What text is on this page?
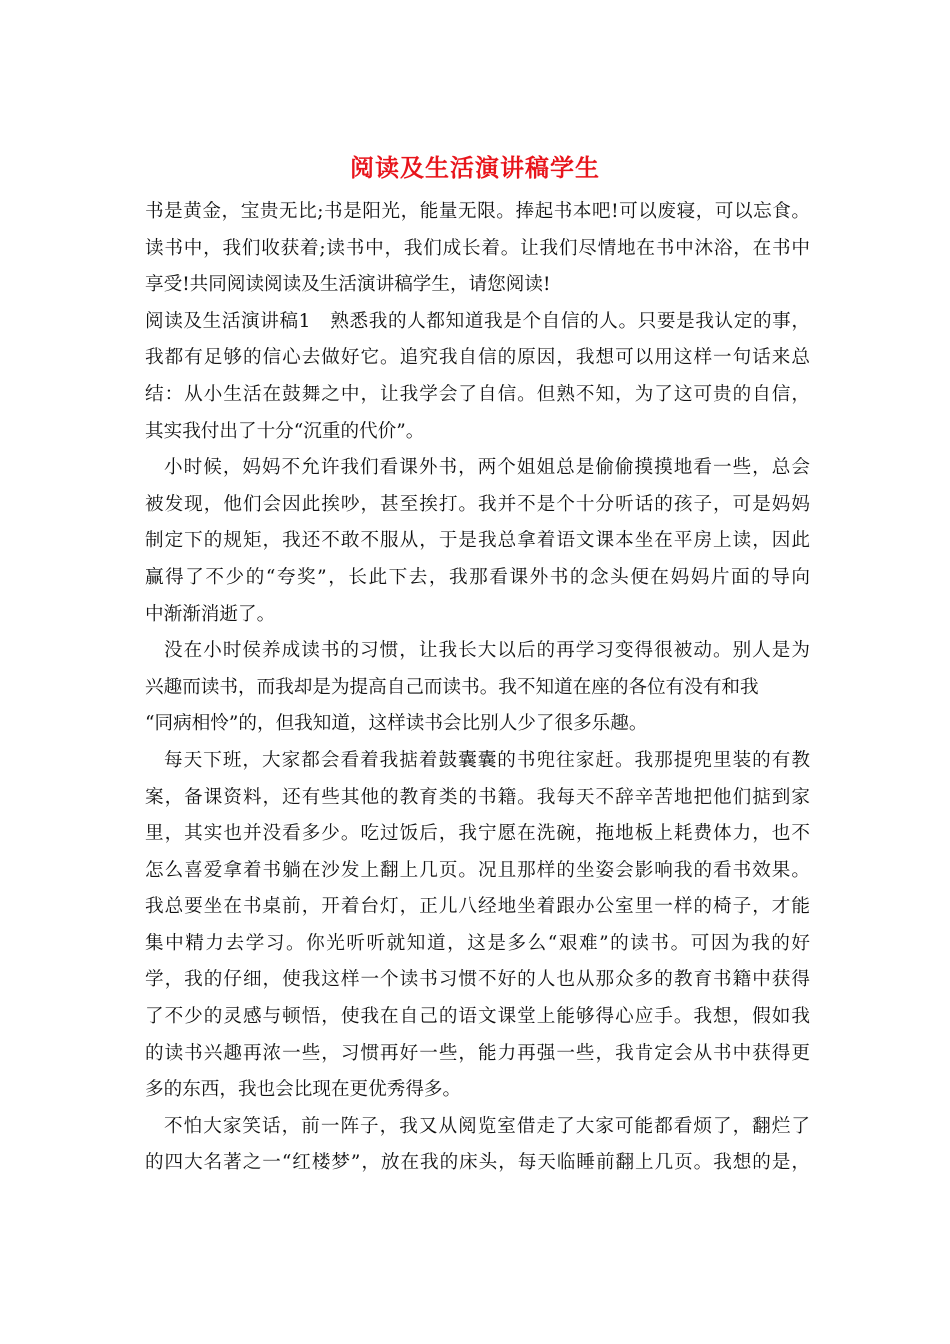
阅读及生活演讲稿学生
书是黄金，宝贵无比;书是阳光，能量无限。捧起书本吧!可以废寝，可以忘食。
读书中，我们收获着;读书中，我们成长着。让我们尽情地在书中沐浴，在书中
享受!共同阅读阅读及生活演讲稿学生，请您阅读!
阅读及生活演讲稿1　熟悉我的人都知道我是个自信的人。只要是我认定的事，
我都有足够的信心去做好它。追究我自信的原因，我想可以用这样一句话来总
结：从小生活在鼓舞之中，让我学会了自信。但熟不知，为了这可贵的自信，
其实我付出了十分“沉重的代价”。
小时候，妈妈不允许我们看课外书，两个姐姐总是偷偷摸摸地看一些，总会
被发现，他们会因此挨吵，甚至挨打。我并不是个十分听话的孩子，可是妈妈
制定下的规矩，我还不敢不服从，于是我总拿着语文课本坐在平房上读，因此
赢得了不少的“夸奖”，长此下去，我那看课外书的念头便在妈妈片面的导向
中渐渐消逝了。
没在小时侯养成读书的习惯，让我长大以后的再学习变得很被动。别人是为
兴趣而读书，而我却是为提高自己而读书。我不知道在座的各位有没有和我
“同病相怜”的，但我知道，这样读书会比别人少了很多乐趣。
每天下班，大家都会看着我掂着鼓囊囊的书兜往家赶。我那提兜里装的有教
案，备课资料，还有些其他的教育类的书籍。我每天不辞辛苦地把他们掂到家
里，其实也并没看多少。吃过饭后，我宁愿在洗碗，拖地板上耗费体力，也不
怎么喜爱拿着书躺在沙发上翻上几页。况且那样的坐姿会影响我的看书效果。
我总要坐在书桌前，开着台灯，正儿八经地坐着跟办公室里一样的椅子，才能
集中精力去学习。你光听听就知道，这是多么“艰难”的读书。可因为我的好
学，我的仔细，使我这样一个读书习惯不好的人也从那众多的教育书籍中获得
了不少的灵感与顿悟，使我在自己的语文课堂上能够得心应手。我想，假如我
的读书兴趣再浓一些，习惯再好一些，能力再强一些，我肯定会从书中获得更
多的东西，我也会比现在更优秀得多。
不怕大家笑话，前一阵子，我又从阅览室借走了大家可能都看烦了，翻烂了
的四大名著之一“红楼梦”，放在我的床头，每天临睡前翻上几页。我想的是，
